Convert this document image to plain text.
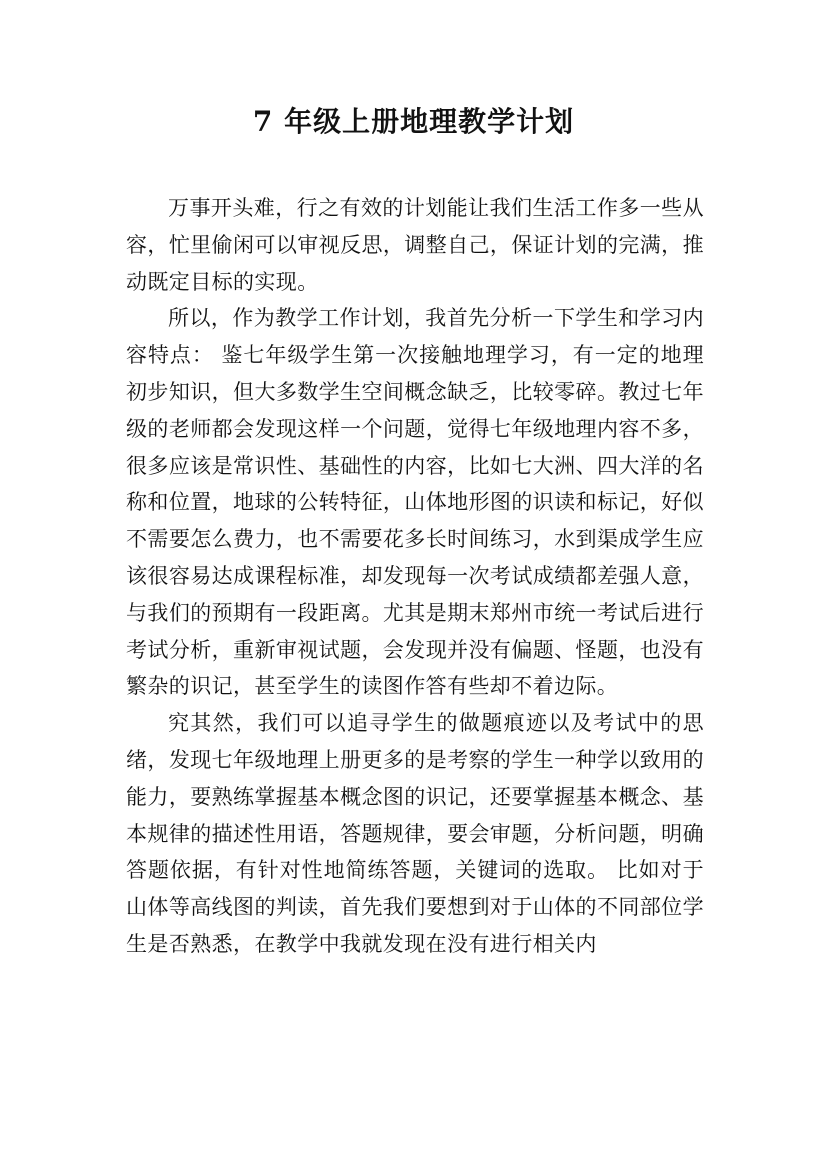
7 年级上册地理教学计划

万事开头难，行之有效的计划能让我们生活工作多一些从容，忙里偷闲可以审视反思，调整自己，保证计划的完满，推动既定目标的实现。

所以，作为教学工作计划，我首先分析一下学生和学习内容特点： 鉴七年级学生第一次接触地理学习，有一定的地理初步知识，但大多数学生空间概念缺乏，比较零碎。教过七年级的老师都会发现这样一个问题，觉得七年级地理内容不多，很多应该是常识性、基础性的内容，比如七大洲、四大洋的名称和位置，地球的公转特征，山体地形图的识读和标记，好似不需要怎么费力，也不需要花多长时间练习，水到渠成学生应该很容易达成课程标准，却发现每一次考试成绩都差强人意，与我们的预期有一段距离。尤其是期末郑州市统一考试后进行考试分析，重新审视试题，会发现并没有偏题、怪题，也没有繁杂的识记，甚至学生的读图作答有些却不着边际。

究其然，我们可以追寻学生的做题痕迹以及考试中的思绪，发现七年级地理上册更多的是考察的学生一种学以致用的能力，要熟练掌握基本概念图的识记，还要掌握基本概念、基本规律的描述性用语，答题规律，要会审题，分析问题，明确答题依据，有针对性地简练答题，关键词的选取。 比如对于山体等高线图的判读，首先我们要想到对于山体的不同部位学生是否熟悉，在教学中我就发现在没有进行相关内
